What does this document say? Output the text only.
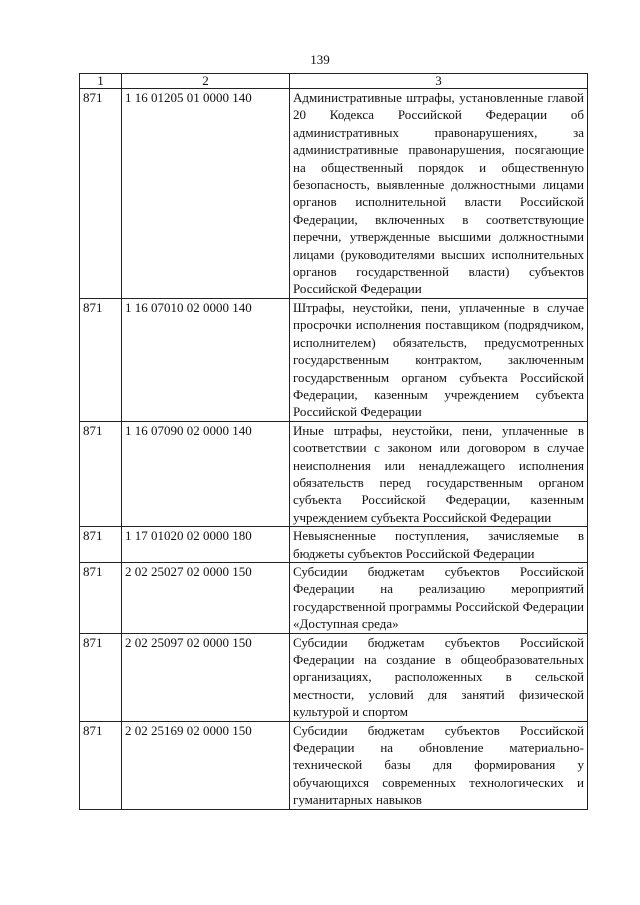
139
1	2	3
871	1 16 01205 01 0000 140	Административные штрафы, установленные главой 20 Кодекса Российской Федерации об административных правонарушениях, за административные правонарушения, посягающие на общественный порядок и общественную безопасность, выявленные должностными лицами органов исполнительной власти Российской Федерации, включенных в соответствующие перечни, утвержденные высшими должностными лицами (руководителями высших исполнительных органов государственной власти) субъектов Российской Федерации
871	1 16 07010 02 0000 140	Штрафы, неустойки, пени, уплаченные в случае просрочки исполнения поставщиком (подрядчиком, исполнителем) обязательств, предусмотренных государственным контрактом, заключенным государственным органом субъекта Российской Федерации, казенным учреждением субъекта Российской Федерации
871	1 16 07090 02 0000 140	Иные штрафы, неустойки, пени, уплаченные в соответствии с законом или договором в случае неисполнения или ненадлежащего исполнения обязательств перед государственным органом субъекта Российской Федерации, казенным учреждением субъекта Российской Федерации
871	1 17 01020 02 0000 180	Невыясненные поступления, зачисляемые в бюджеты субъектов Российской Федерации
871	2 02 25027 02 0000 150	Субсидии бюджетам субъектов Российской Федерации на реализацию мероприятий государственной программы Российской Федерации «Доступная среда»
871	2 02 25097 02 0000 150	Субсидии бюджетам субъектов Российской Федерации на создание в общеобразовательных организациях, расположенных в сельской местности, условий для занятий физической культурой и спортом
871	2 02 25169 02 0000 150	Субсидии бюджетам субъектов Российской Федерации на обновление материально-технической базы для формирования у обучающихся современных технологических и гуманитарных навыков
